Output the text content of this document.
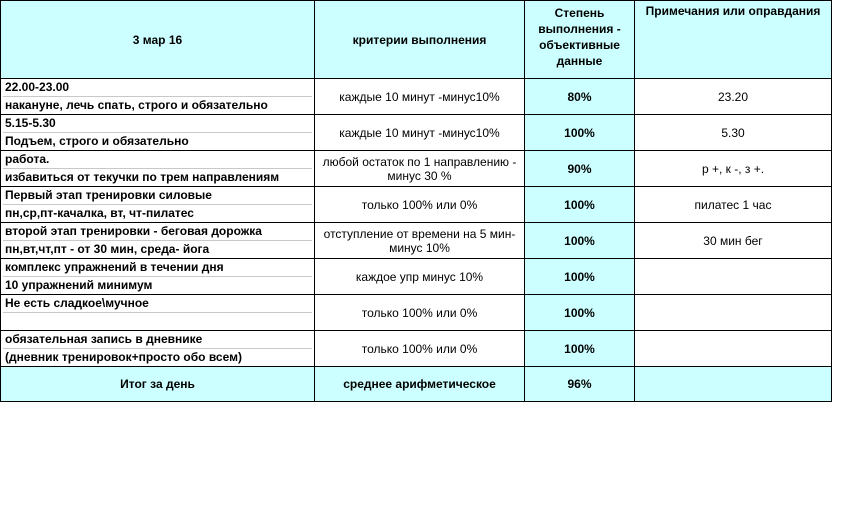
3 мар 16	критерии выполнения	Степень выполнения - объективные данные	Примечания или оправдания

22.00-23.00
накануне, лечь спать, строго и обязательно	каждые 10 минут -минус10%	80%	23.20

5.15-5.30
Подъем, строго и обязательно	каждые 10 минут -минус10%	100%	5.30

работа.
избавиться от текучки по трем направлениям	любой остаток по 1 направлению - минус 30 %	90%	р +, к -, з +.

Первый этап тренировки силовые
пн,ср,пт-качалка, вт, чт-пилатес	только 100% или 0%	100%	пилатес 1 час

второй этап тренировки - беговая дорожка
пн,вт,чт,пт - от 30 мин, среда- йога	отступление от времени на 5 мин- минус 10%	100%	30 мин бег

комплекс упражнений в течении дня
10 упражнений минимум	каждое упр минус 10%	100%	

Не есть сладкое\мучное	только 100% или 0%	100%	

обязательная запись в дневнике
(дневник тренировок+просто обо всем)	только 100% или 0%	100%	
Итог за день	среднее арифметическое	96%	
